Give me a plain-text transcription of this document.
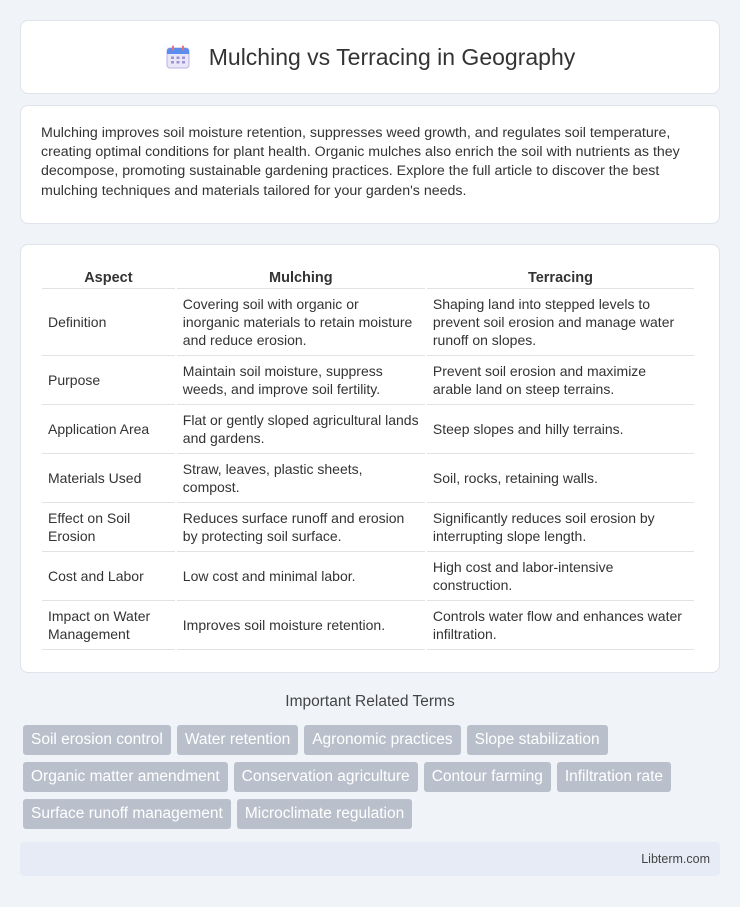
Mulching vs Terracing in Geography

Mulching improves soil moisture retention, suppresses weed growth, and regulates soil temperature, creating optimal conditions for plant health. Organic mulches also enrich the soil with nutrients as they decompose, promoting sustainable gardening practices. Explore the full article to discover the best mulching techniques and materials tailored for your garden's needs.

Aspect	Mulching	Terracing
Definition	Covering soil with organic or inorganic materials to retain moisture and reduce erosion.	Shaping land into stepped levels to prevent soil erosion and manage water runoff on slopes.
Purpose	Maintain soil moisture, suppress weeds, and improve soil fertility.	Prevent soil erosion and maximize arable land on steep terrains.
Application Area	Flat or gently sloped agricultural lands and gardens.	Steep slopes and hilly terrains.
Materials Used	Straw, leaves, plastic sheets, compost.	Soil, rocks, retaining walls.
Effect on Soil Erosion	Reduces surface runoff and erosion by protecting soil surface.	Significantly reduces soil erosion by interrupting slope length.
Cost and Labor	Low cost and minimal labor.	High cost and labor-intensive construction.
Impact on Water Management	Improves soil moisture retention.	Controls water flow and enhances water infiltration.
Important Related Terms
Soil erosion control	Water retention	Agronomic practices	Slope stabilization
Organic matter amendment	Conservation agriculture	Contour farming	Infiltration rate
Surface runoff management	Microclimate regulation
Libterm.com
